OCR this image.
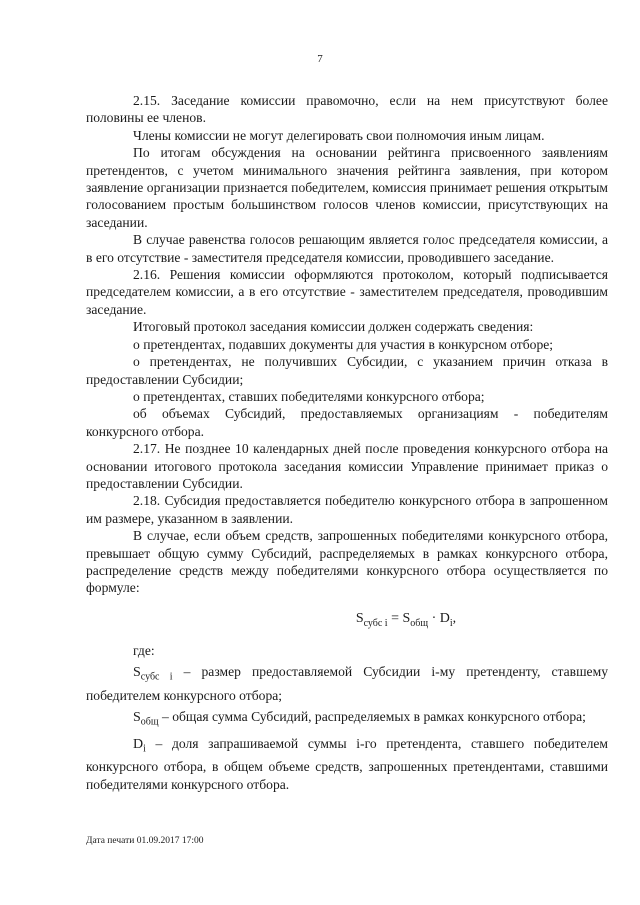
7

2.15. Заседание комиссии правомочно, если на нем присутствуют более половины ее членов.

Члены комиссии не могут делегировать свои полномочия иным лицам.

По итогам обсуждения на основании рейтинга присвоенного заявлениям претендентов, с учетом минимального значения рейтинга заявления, при котором заявление организации признается победителем, комиссия принимает решения открытым голосованием простым большинством голосов членов комиссии, присутствующих на заседании.

В случае равенства голосов решающим является голос председателя комиссии, а в его отсутствие - заместителя председателя комиссии, проводившего заседание.

2.16. Решения комиссии оформляются протоколом, который подписывается председателем комиссии, а в его отсутствие - заместителем председателя, проводившим заседание.

Итоговый протокол заседания комиссии должен содержать сведения:

о претендентах, подавших документы для участия в конкурсном отборе;

о претендентах, не получивших Субсидии, с указанием причин отказа в предоставлении Субсидии;

о претендентах, ставших победителями конкурсного отбора;

об объемах Субсидий, предоставляемых организациям - победителям конкурсного отбора.

2.17. Не позднее 10 календарных дней после проведения конкурсного отбора на основании итогового протокола заседания комиссии Управление принимает приказ о предоставлении Субсидии.

2.18. Субсидия предоставляется победителю конкурсного отбора в запрошенном им размере, указанном в заявлении.

В случае, если объем средств, запрошенных победителями конкурсного отбора, превышает общую сумму Субсидий, распределяемых в рамках конкурсного отбора, распределение средств между победителями конкурсного отбора осуществляется по формуле:

$S_{субс i} = S_{общ} \cdot D_i$,

где:

$S_{субс i}$ – размер предоставляемой Субсидии i-му претенденту, ставшему победителем конкурсного отбора;

$S_{общ}$ – общая сумма Субсидий, распределяемых в рамках конкурсного отбора;

$D_i$ – доля запрашиваемой суммы i-го претендента, ставшего победителем конкурсного отбора, в общем объеме средств, запрошенных претендентами, ставшими победителями конкурсного отбора.

Дата печати 01.09.2017 17:00
